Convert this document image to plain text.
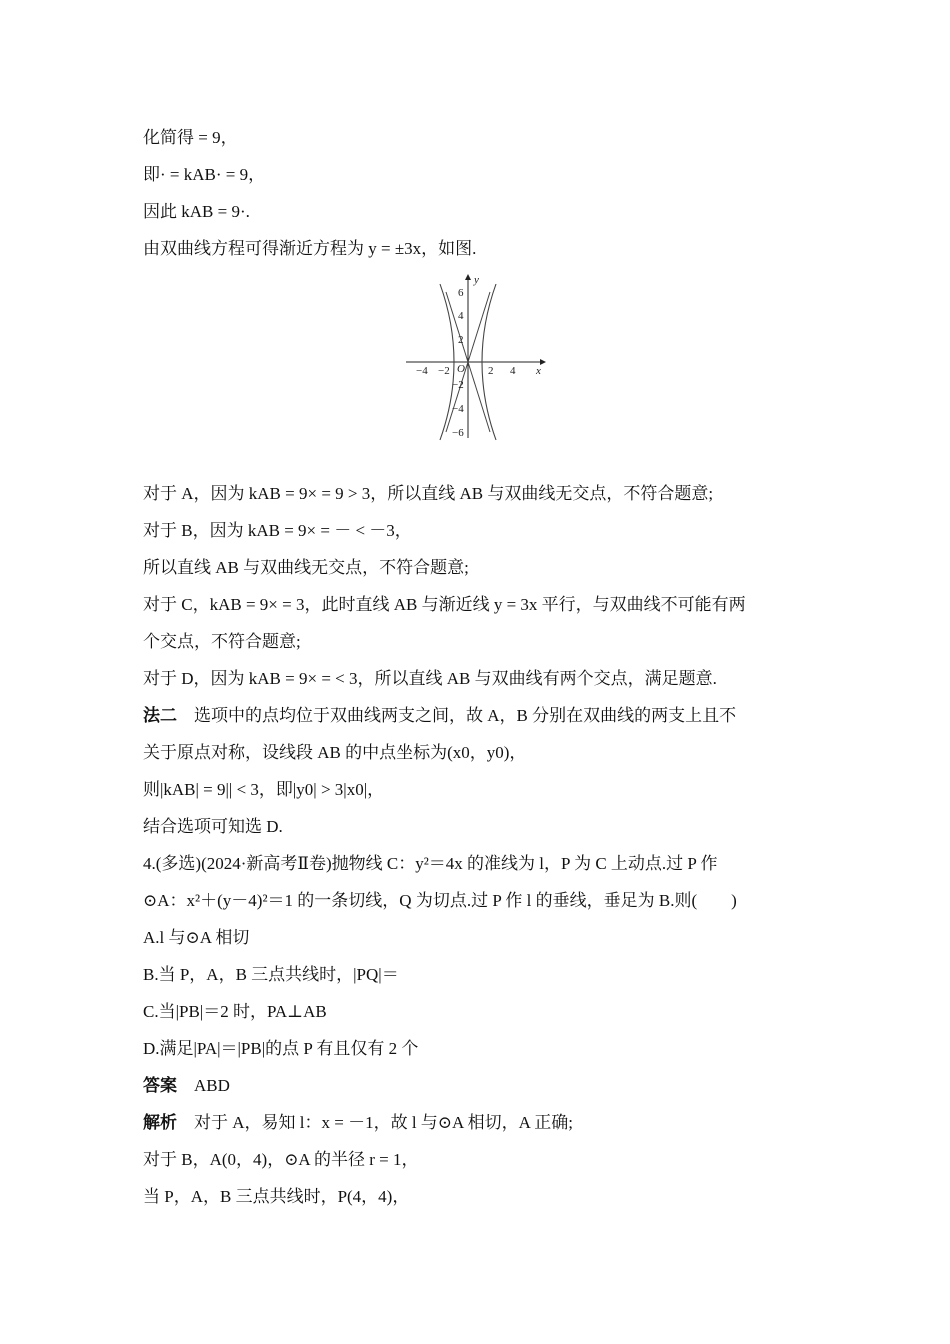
化简得 = 9，
即· = kAB· = 9，
因此 kAB = 9·.
由双曲线方程可得渐近方程为 y = ±3x，如图.
−4 −2	2 4
6
4
2
−2
−4
−6
O	x
y
对于 A，因为 kAB = 9× = 9 > 3，所以直线 AB 与双曲线无交点，不符合题意;
对于 B，因为 kAB = 9× = － < －3，
所以直线 AB 与双曲线无交点，不符合题意;
对于 C，kAB = 9× = 3，此时直线 AB 与渐近线 y = 3x 平行，与双曲线不可能有两
个交点，不符合题意;
对于 D，因为 kAB = 9× = < 3，所以直线 AB 与双曲线有两个交点，满足题意.
法二　 选项中的点均位于双曲线两支之间，故 A，B 分别在双曲线的两支上且不
关于原点对称，设线段 AB 的中点坐标为(x0，y0)，
则|kAB| = 9|| < 3，即|y0| > 3|x0|，
结合选项可知选 D.
4.(多选)(2024·新高考Ⅱ卷)抛物线 C：y²＝4x 的准线为 l，P 为 C 上动点.过 P 作
⊙A：x²＋(y－4)²＝1 的一条切线，Q 为切点.过 P 作 l 的垂线，垂足为 B.则(　　)
A.l 与⊙A 相切
B.当 P，A，B 三点共线时，|PQ|＝
C.当|PB|＝2 时，PA⊥AB
D.满足|PA|＝|PB|的点 P 有且仅有 2 个
答案　 ABD
解析　 对于 A，易知 l：x = －1，故 l 与⊙A 相切，A 正确;
对于 B，A(0，4)，⊙A 的半径 r = 1，
当 P，A，B 三点共线时，P(4，4)，
